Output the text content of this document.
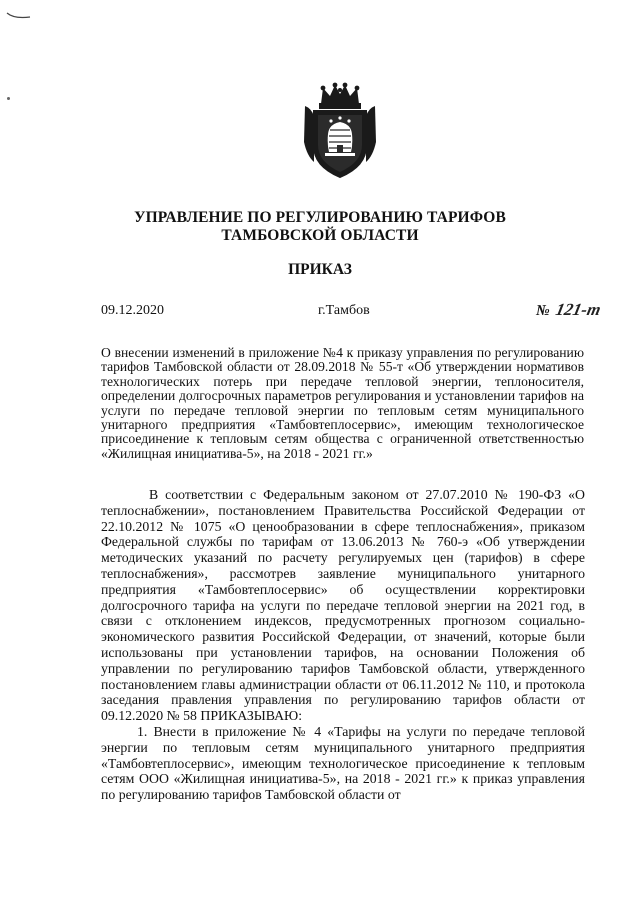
УПРАВЛЕНИЕ ПО РЕГУЛИРОВАНИЮ ТАРИФОВ
ТАМБОВСКОЙ ОБЛАСТИ
ПРИКАЗ
09.12.2020	г.Тамбов	№ 121-т
О внесении изменений в приложение №4 к приказу управления по регулированию тарифов Тамбовской области от 28.09.2018 № 55-т «Об утверждении нормативов технологических потерь при передаче тепловой энергии, теплоносителя, определении долгосрочных параметров регулирования и установлении тарифов на услуги по передаче тепловой энергии по тепловым сетям муниципального унитарного предприятия «Тамбовтеплосервис», имеющим технологическое присоединение к тепловым сетям общества с ограниченной ответственностью «Жилищная инициатива-5», на 2018 - 2021 гг.»

В соответствии с Федеральным законом от 27.07.2010 № 190-ФЗ «О теплоснабжении», постановлением Правительства Российской Федерации от 22.10.2012 № 1075 «О ценообразовании в сфере теплоснабжения», приказом Федеральной службы по тарифам от 13.06.2013 № 760-э «Об утверждении методических указаний по расчету регулируемых цен (тарифов) в сфере теплоснабжения», рассмотрев заявление муниципального унитарного предприятия «Тамбовтеплосервис» об осуществлении корректировки долгосрочного тарифа на услуги по передаче тепловой энергии на 2021 год, в связи с отклонением индексов, предусмотренных прогнозом социально-экономического развития Российской Федерации, от значений, которые были использованы при установлении тарифов, на основании Положения об управлении по регулированию тарифов Тамбовской области, утвержденного постановлением главы администрации области от 06.11.2012 № 110, и протокола заседания правления управления по регулированию тарифов области от 09.12.2020 № 58 ПРИКАЗЫВАЮ:

1. Внести в приложение № 4 «Тарифы на услуги по передаче тепловой энергии по тепловым сетям муниципального унитарного предприятия «Тамбовтеплосервис», имеющим технологическое присоединение к тепловым сетям ООО «Жилищная инициатива-5», на 2018 - 2021 гг.» к приказ управления по регулированию тарифов Тамбовской области от
